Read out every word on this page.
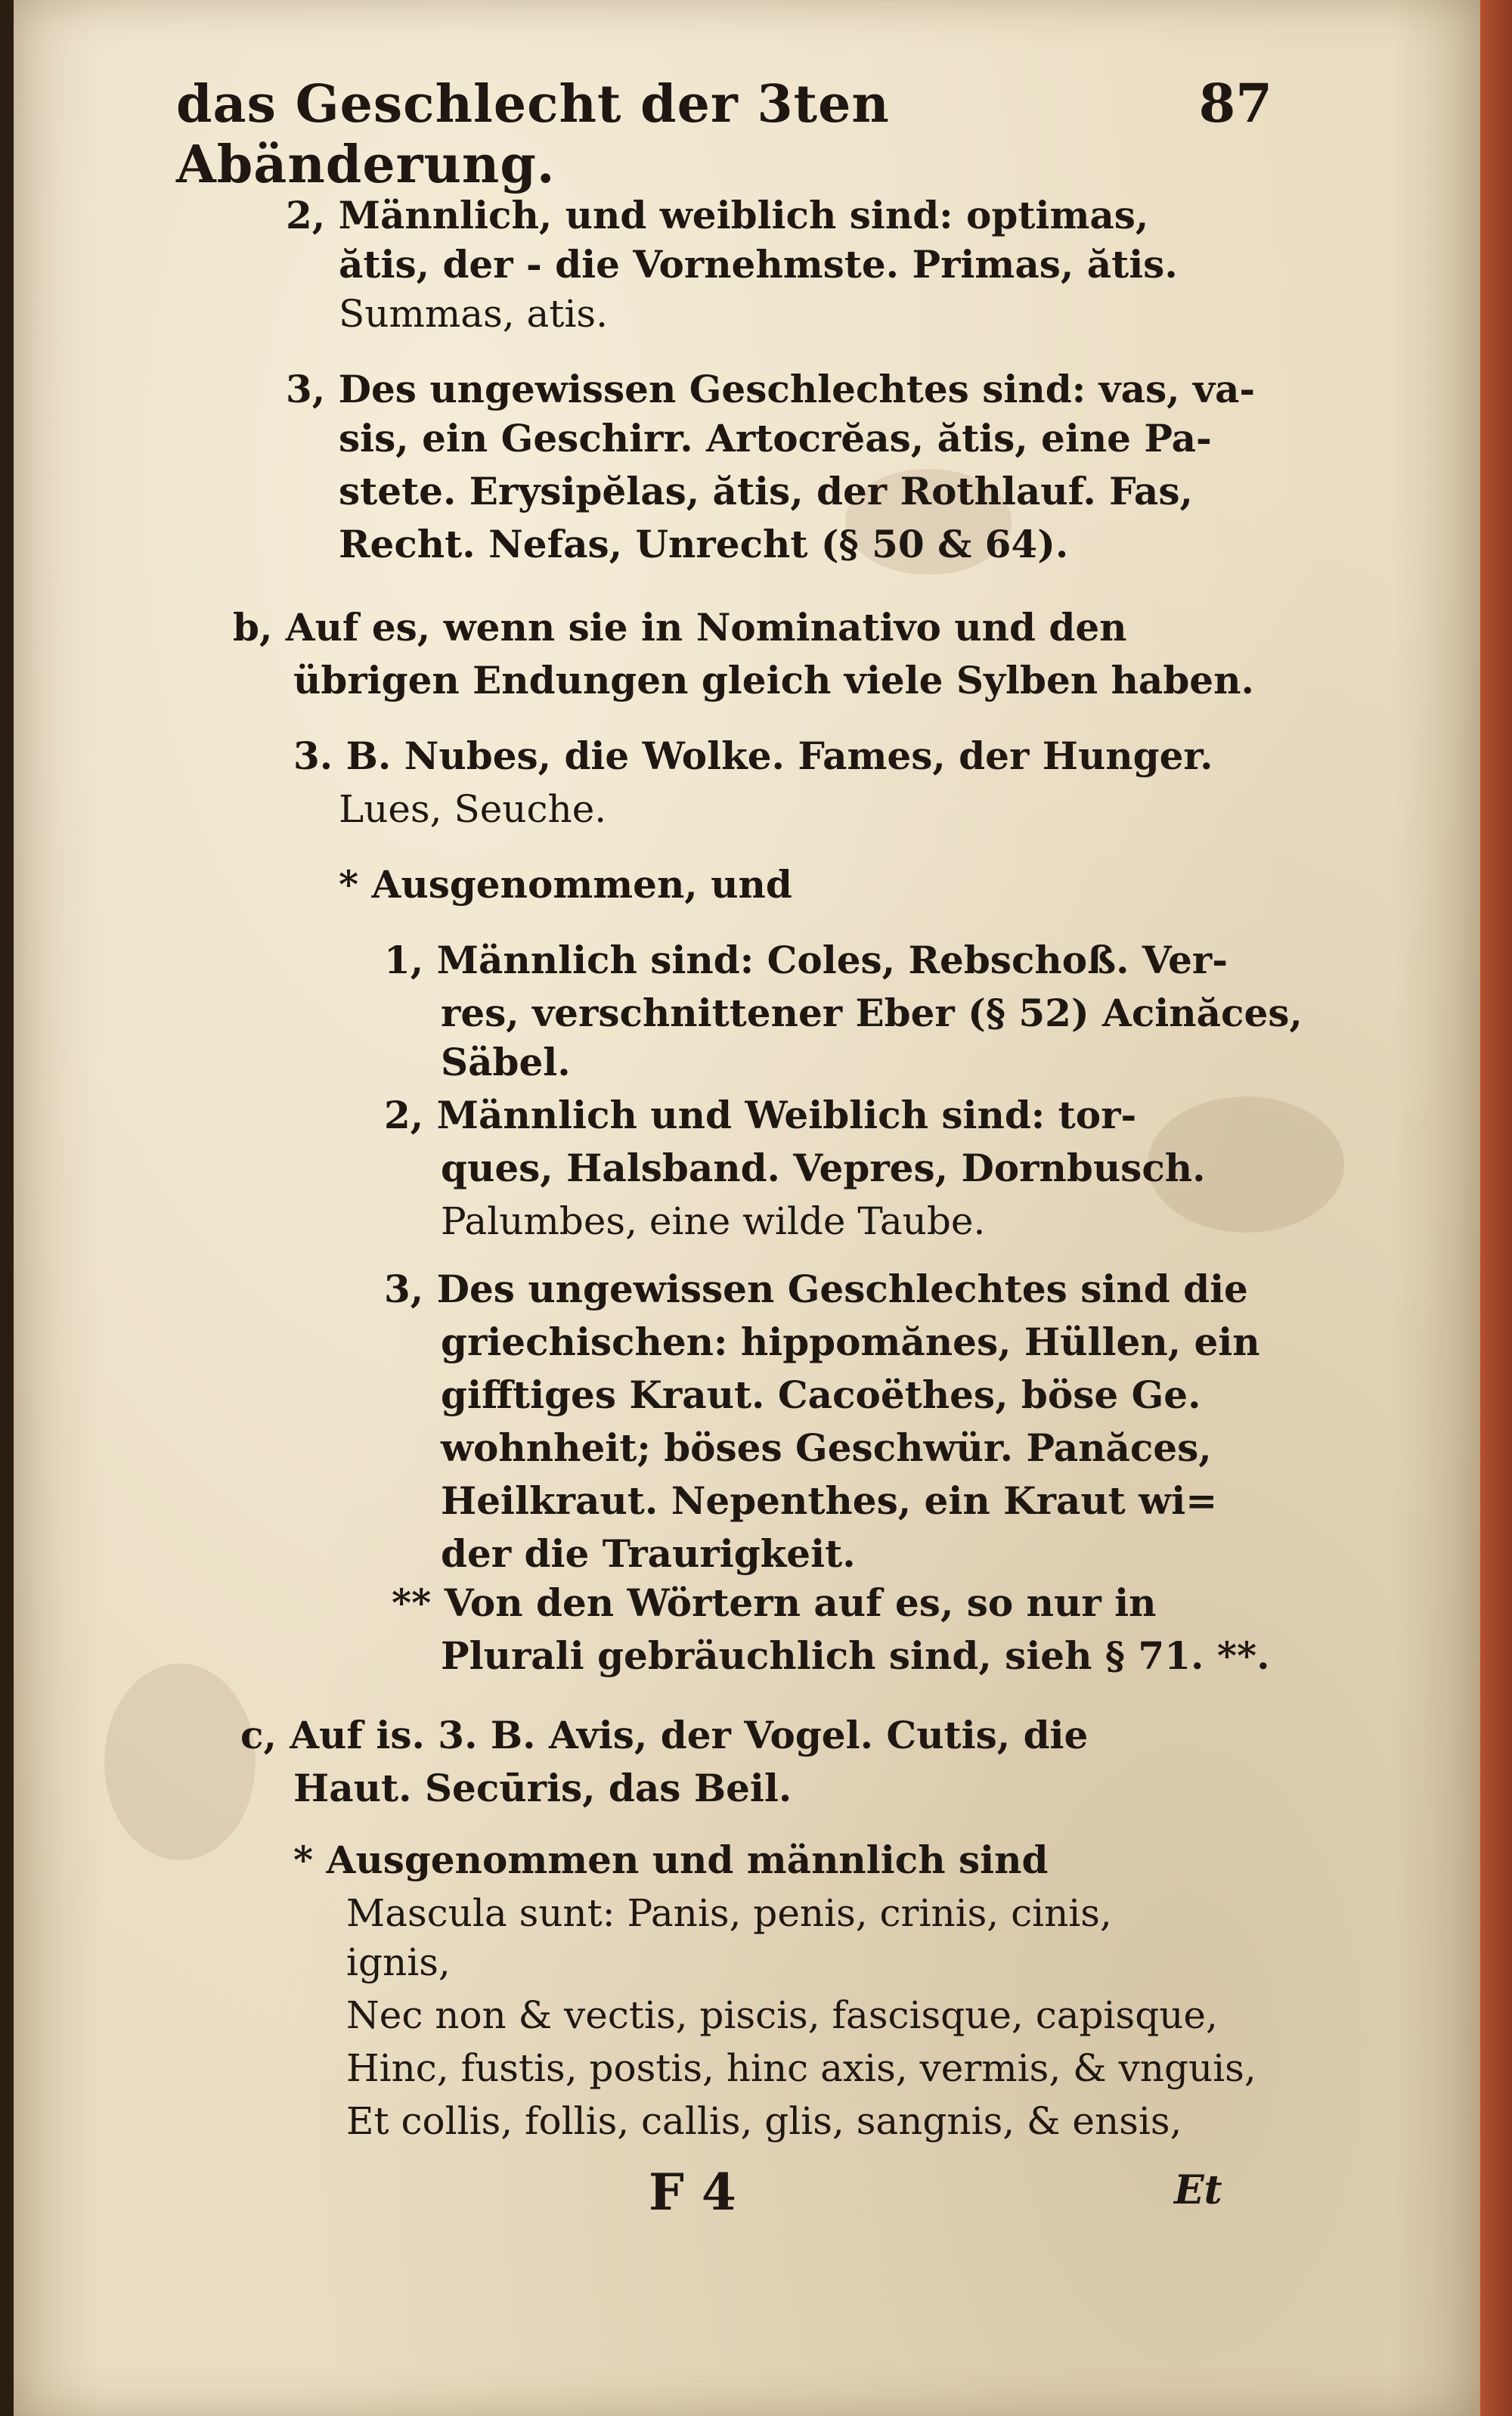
das Geschlecht der 3ten Abänderung.
87
2, Männlich, und weiblich sind: optimas,
ătis, der - die Vornehmste. Primas, ătis.
Summas, atis.
3, Des ungewissen Geschlechtes sind: vas, va-
sis, ein Geschirr. Artocrĕas, ătis, eine Pa-
stete. Erysipĕlas, ătis, der Rothlauf. Fas,
Recht. Nefas, Unrecht (§ 50 & 64).
b, Auf es, wenn sie in Nominativo und den
übrigen Endungen gleich viele Sylben haben.
3. B. Nubes, die Wolke. Fames, der Hunger.
Lues, Seuche.
* Ausgenommen, und
1, Männlich sind: Coles, Rebschoß. Ver-
res, verschnittener Eber (§ 52) Acinăces,
Säbel.
2, Männlich und Weiblich sind: tor-
ques, Halsband. Vepres, Dornbusch.
Palumbes, eine wilde Taube.
3, Des ungewissen Geschlechtes sind die
griechischen: hippomănes, Hüllen, ein
gifftiges Kraut. Cacoëthes, böse Ge.
wohnheit; böses Geschwür. Panăces,
Heilkraut. Nepenthes, ein Kraut wi=
der die Traurigkeit.
** Von den Wörtern auf es, so nur in
Plurali gebräuchlich sind, sieh § 71. **.
c, Auf is. 3. B. Avis, der Vogel. Cutis, die
Haut. Secūris, das Beil.
* Ausgenommen und männlich sind
Mascula sunt: Panis, penis, crinis, cinis,
ignis,
Nec non & vectis, piscis, fascisque, capisque,
Hinc, fustis, postis, hinc axis, vermis, & vnguis,
Et collis, follis, callis, glis, sangnis, & ensis,
F 4	Et
